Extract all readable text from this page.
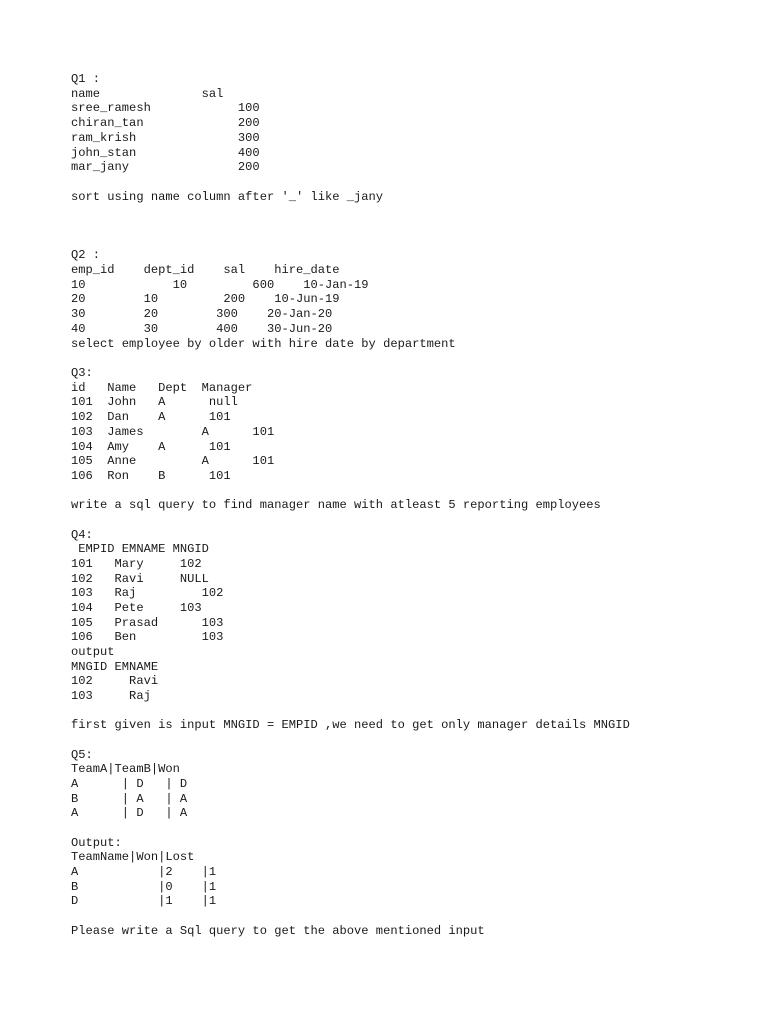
Q1 :
name              sal
sree_ramesh            100
chiran_tan             200
ram_krish              300
john_stan              400
mar_jany               200
sort using name column after '_' like _jany
Q2 :
emp_id    dept_id    sal    hire_date
10            10         600    10-Jan-19
20        10         200    10-Jun-19
30        20        300    20-Jan-20
40        30        400    30-Jun-20
select employee by older with hire date by department
Q3:
id   Name   Dept  Manager
101  John   A      null
102  Dan    A      101
103  James        A      101
104  Amy    A      101
105  Anne         A      101
106  Ron    B      101
write a sql query to find manager name with atleast 5 reporting employees
Q4:
EMPID EMNAME MNGID
101   Mary     102
102   Ravi     NULL
103   Raj         102
104   Pete     103
105   Prasad      103
106   Ben         103
output
MNGID EMNAME
102     Ravi
103     Raj
first given is input MNGID = EMPID ,we need to get only manager details MNGID
Q5:
TeamA|TeamB|Won
A      | D   | D
B      | A   | A
A      | D   | A
Output:
TeamName|Won|Lost
A           |2    |1
B           |0    |1
D           |1    |1
Please write a Sql query to get the above mentioned input
